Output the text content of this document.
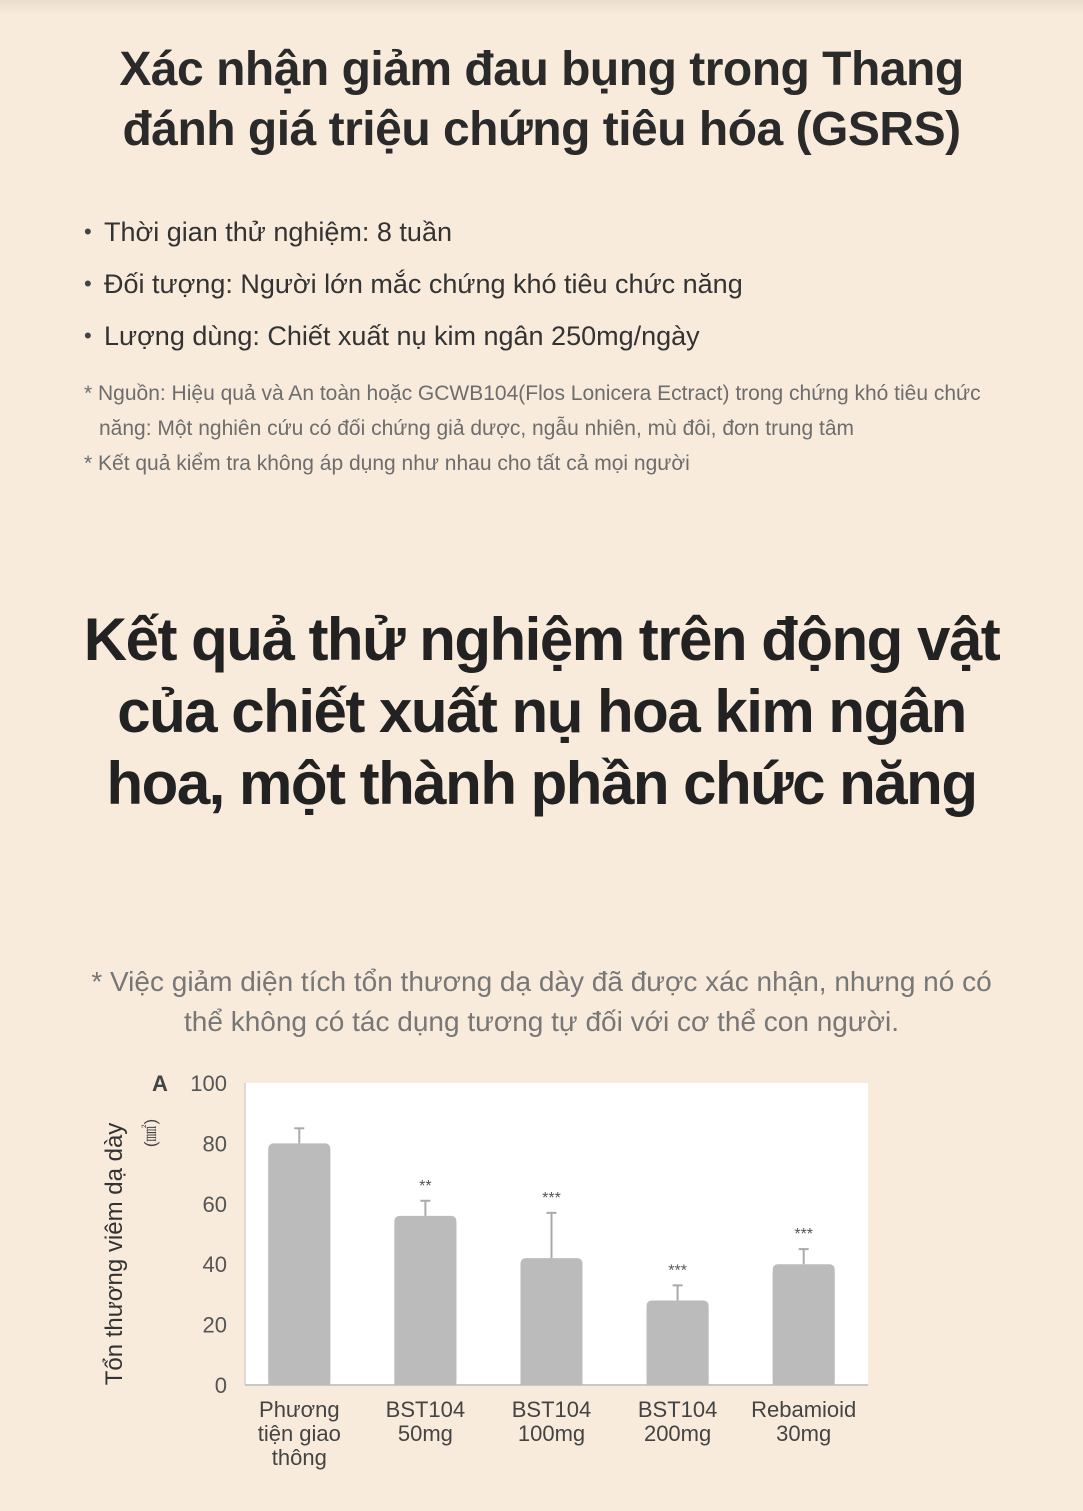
Xác nhận giảm đau bụng trong Thang đánh giá triệu chứng tiêu hóa (GSRS)
• Thời gian thử nghiệm: 8 tuần
• Đối tượng: Người lớn mắc chứng khó tiêu chức năng
• Lượng dùng: Chiết xuất nụ kim ngân 250mg/ngày

* Nguồn: Hiệu quả và An toàn hoặc GCWB104(Flos Lonicera Ectract) trong chứng khó tiêu chức năng: Một nghiên cứu có đối chứng giả dược, ngẫu nhiên, mù đôi, đơn trung tâm

* Kết quả kiểm tra không áp dụng như nhau cho tất cả mọi người

Kết quả thử nghiệm trên động vật của chiết xuất nụ hoa kim ngân hoa, một thành phần chức năng
* Việc giảm diện tích tổn thương dạ dày đã được xác nhận, nhưng nó có thể không có tác dụng tương tự đối với cơ thể con người.
0
20
40
60
80
100
A
Tổn thương viêm dạ dày (㎟)
Phương
tiện giao
thông
**
BST104
50mg
***
BST104
100mg
***
BST104
200mg
***
Rebamioid
30mg
